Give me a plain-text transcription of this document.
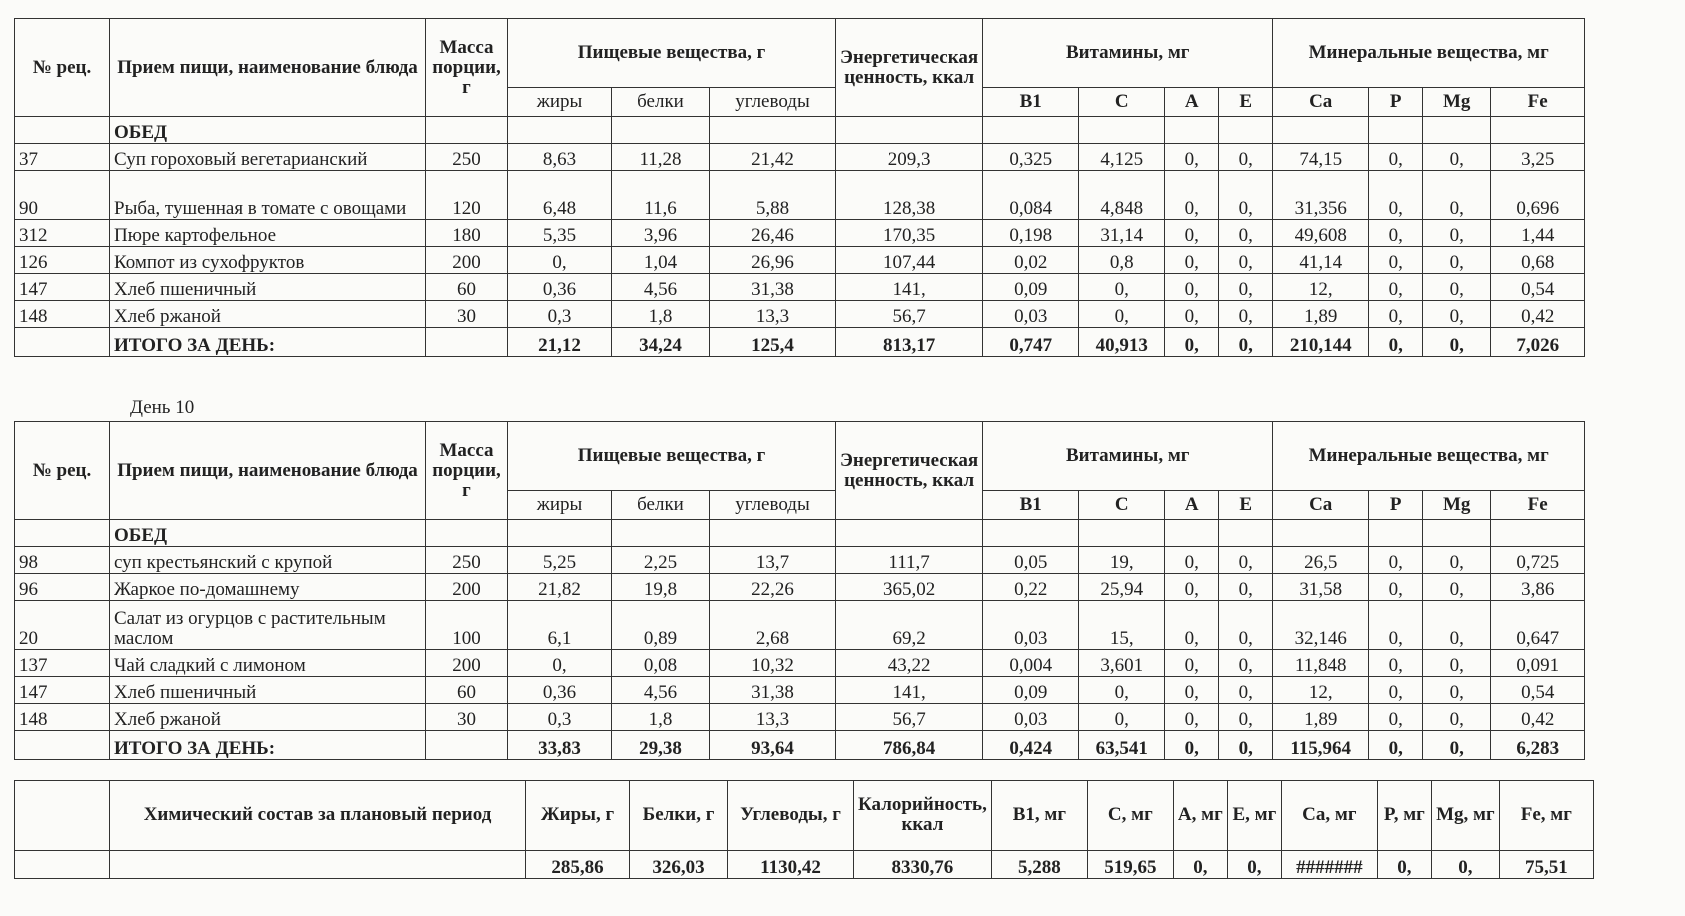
№ рец.	Прием пищи, наименование блюда	Масса порции, г	Пищевые вещества, г			Энергетическая ценность, ккал	Витамины, мг				Минеральные вещества, мг			
			жиры	белки	углеводы		B1	C	A	E	Ca	P	Mg	Fe
	ОБЕД													
37	Суп гороховый вегетарианский	250	8,63	11,28	21,42	209,3	0,325	4,125	0,	0,	74,15	0,	0,	3,25
90	Рыба, тушенная в томате с овощами	120	6,48	11,6	5,88	128,38	0,084	4,848	0,	0,	31,356	0,	0,	0,696
312	Пюре картофельное	180	5,35	3,96	26,46	170,35	0,198	31,14	0,	0,	49,608	0,	0,	1,44
126	Компот из сухофруктов	200	0,	1,04	26,96	107,44	0,02	0,8	0,	0,	41,14	0,	0,	0,68
147	Хлеб пшеничный	60	0,36	4,56	31,38	141,	0,09	0,	0,	0,	12,	0,	0,	0,54
148	Хлеб ржаной	30	0,3	1,8	13,3	56,7	0,03	0,	0,	0,	1,89	0,	0,	0,42
	ИТОГО ЗА ДЕНЬ:		21,12	34,24	125,4	813,17	0,747	40,913	0,	0,	210,144	0,	0,	7,026
День 10
№ рец.	Прием пищи, наименование блюда	Масса порции, г	Пищевые вещества, г			Энергетическая ценность, ккал	Витамины, мг				Минеральные вещества, мг			
			жиры	белки	углеводы		B1	C	A	E	Ca	P	Mg	Fe
	ОБЕД													
98	суп крестьянский с крупой	250	5,25	2,25	13,7	111,7	0,05	19,	0,	0,	26,5	0,	0,	0,725
96	Жаркое по-домашнему	200	21,82	19,8	22,26	365,02	0,22	25,94	0,	0,	31,58	0,	0,	3,86
20	Салат из огурцов с растительным маслом	100	6,1	0,89	2,68	69,2	0,03	15,	0,	0,	32,146	0,	0,	0,647
137	Чай сладкий с лимоном	200	0,	0,08	10,32	43,22	0,004	3,601	0,	0,	11,848	0,	0,	0,091
147	Хлеб пшеничный	60	0,36	4,56	31,38	141,	0,09	0,	0,	0,	12,	0,	0,	0,54
148	Хлеб ржаной	30	0,3	1,8	13,3	56,7	0,03	0,	0,	0,	1,89	0,	0,	0,42
	ИТОГО ЗА ДЕНЬ:		33,83	29,38	93,64	786,84	0,424	63,541	0,	0,	115,964	0,	0,	6,283

	Химический состав за плановый период	Жиры, г	Белки, г	Углеводы, г	Калорийность, ккал	B1, мг	C, мг	A, мг	E, мг	Ca, мг	P, мг	Mg, мг	Fe, мг
		285,86	326,03	1130,42	8330,76	5,288	519,65	0,	0,	#######	0,	0,	75,51
